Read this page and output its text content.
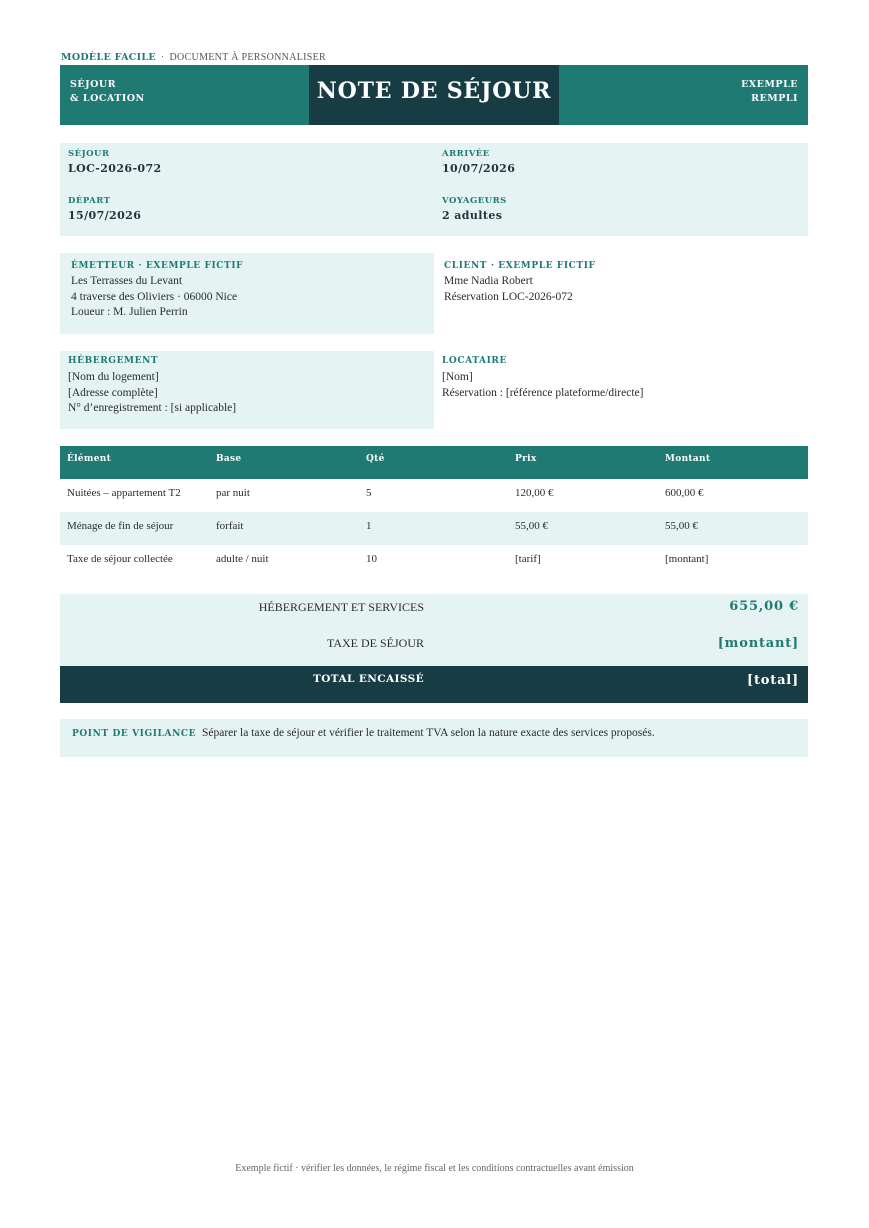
MODÈLE FACILE · DOCUMENT À PERSONNALISER
SÉJOUR
& LOCATION	NOTE DE SÉJOUR	EXEMPLE
REMPLI
SÉJOUR
LOC-2026-072
ARRIVÉE
10/07/2026
DÉPART
15/07/2026
VOYAGEURS
2 adultes
ÉMETTEUR · EXEMPLE FICTIF
Les Terrasses du Levant
4 traverse des Oliviers · 06000 Nice
Loueur : M. Julien Perrin
CLIENT · EXEMPLE FICTIF
Mme Nadia Robert
Réservation LOC-2026-072
HÉBERGEMENT
[Nom du logement]
[Adresse complète]
N° d’enregistrement : [si applicable]
LOCATAIRE
[Nom]
Réservation : [référence plateforme/directe]
Élément	Base	Qté	Prix	Montant
Nuitées – appartement T2	par nuit	5	120,00 €	600,00 €
Ménage de fin de séjour	forfait	1	55,00 €	55,00 €
Taxe de séjour collectée	adulte / nuit	10	[tarif]	[montant]
HÉBERGEMENT ET SERVICES	655,00 €
TAXE DE SÉJOUR	[montant]
TOTAL ENCAISSÉ	[total]
POINT DE VIGILANCE Séparer la taxe de séjour et vérifier le traitement TVA selon la nature exacte des services proposés.
Exemple fictif · vérifier les données, le régime fiscal et les conditions contractuelles avant émission
